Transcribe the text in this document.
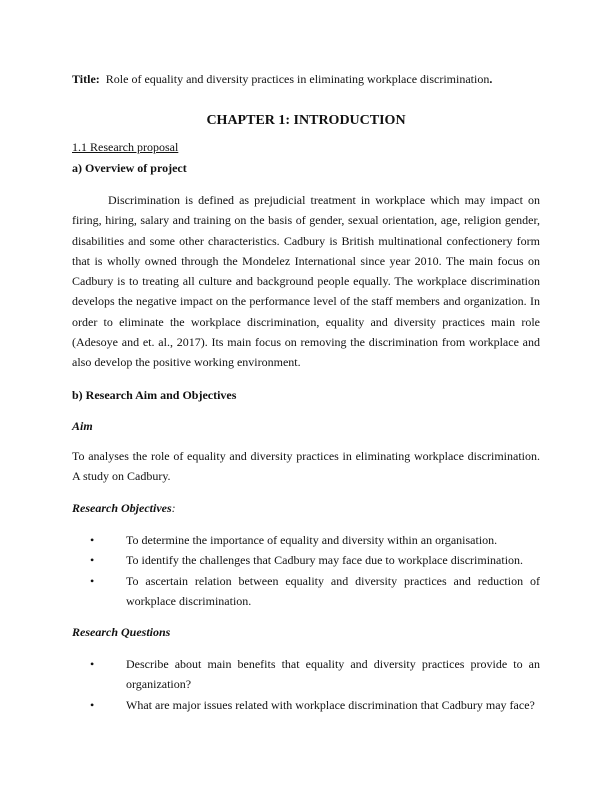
Title: Role of equality and diversity practices in eliminating workplace discrimination.
CHAPTER 1: INTRODUCTION
1.1 Research proposal
a) Overview of project

Discrimination is defined as prejudicial treatment in workplace which may impact on firing, hiring, salary and training on the basis of gender, sexual orientation, age, religion gender, disabilities and some other characteristics. Cadbury is British multinational confectionery form that is wholly owned through the Mondelez International since year 2010. The main focus on Cadbury is to treating all culture and background people equally. The workplace discrimination develops the negative impact on the performance level of the staff members and organization. In order to eliminate the workplace discrimination, equality and diversity practices main role (Adesoye and et. al., 2017). Its main focus on removing the discrimination from workplace and also develop the positive working environment.

b) Research Aim and Objectives
Aim

To analyses the role of equality and diversity practices in eliminating workplace discrimination. A study on Cadbury.

Research Objectives:
•	To determine the importance of equality and diversity within an organisation.
•	To identify the challenges that Cadbury may face due to workplace discrimination.
•	To ascertain relation between equality and diversity practices and reduction of workplace discrimination.
Research Questions
•	Describe about main benefits that equality and diversity practices provide to an organization?
•	What are major issues related with workplace discrimination that Cadbury may face?
